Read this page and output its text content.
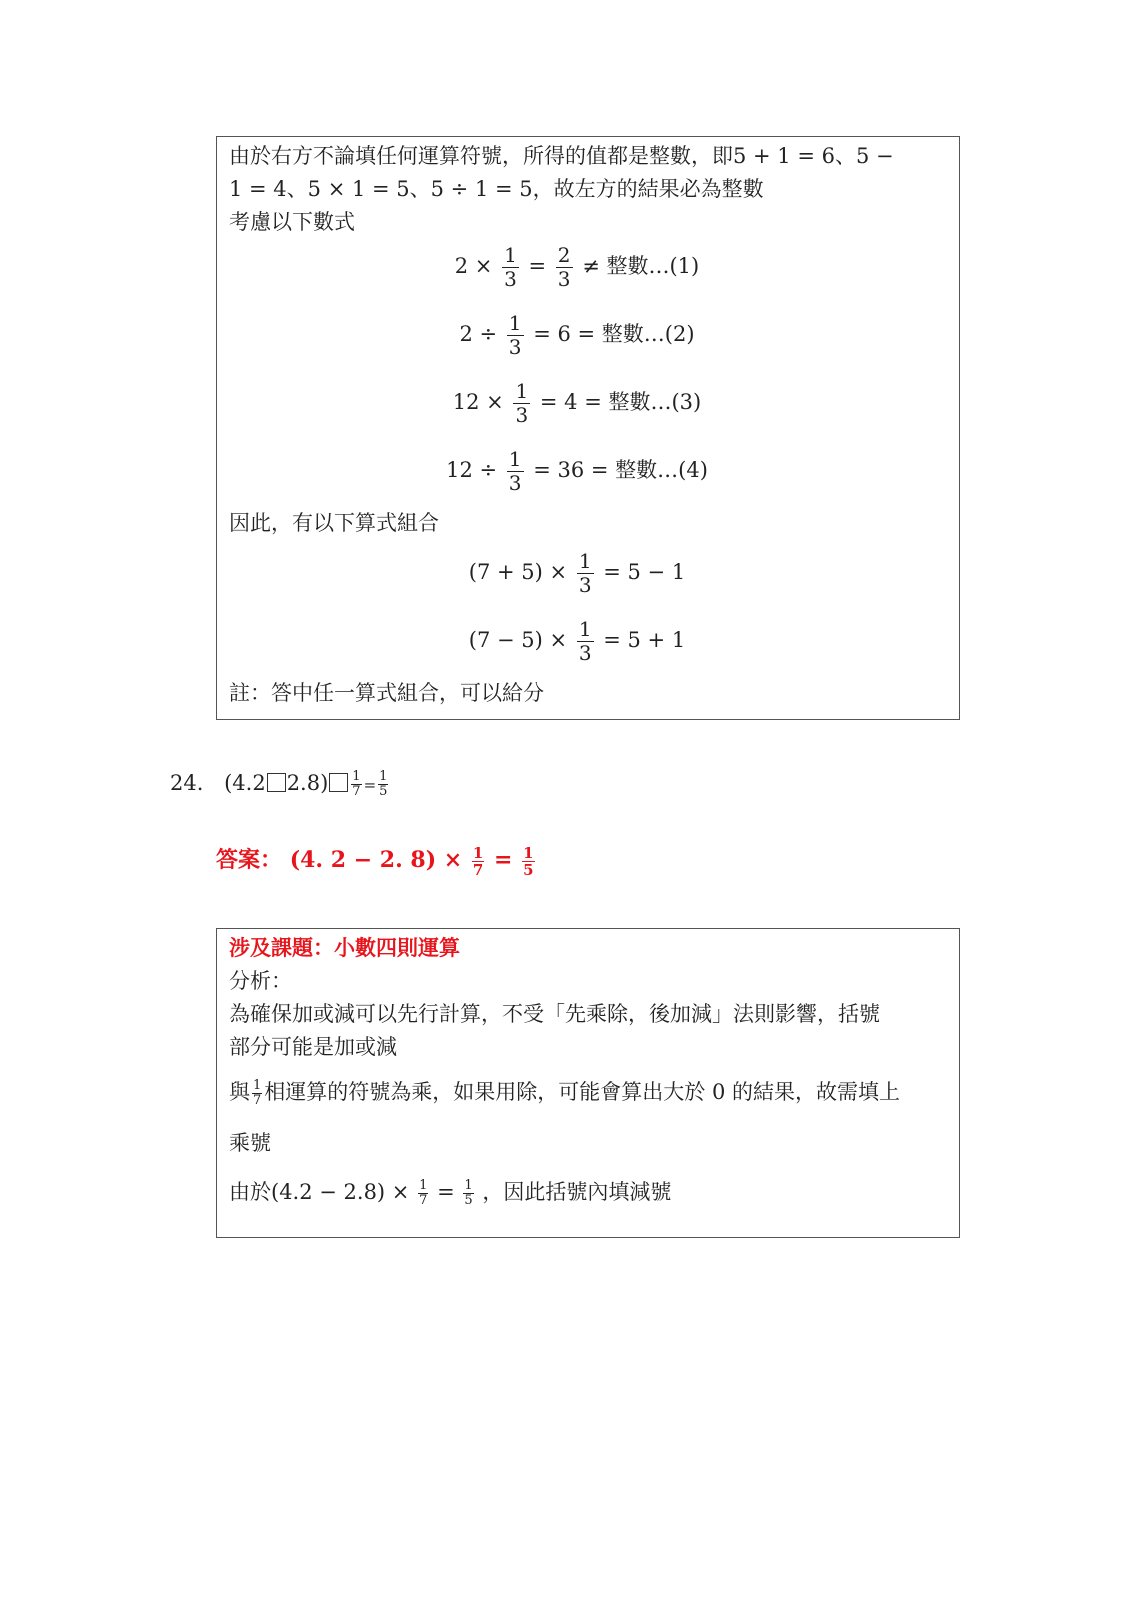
由於右方不論填任何運算符號，所得的值都是整數，即5 + 1 = 6、5 −
1 = 4、5 × 1 = 5、5 ÷ 1 = 5，故左方的結果必為整數
考慮以下數式
$2 \times \frac{1}{3} = \frac{2}{3}$ ≠ 整數…(1)
$2 \div \frac{1}{3} = 6$ = 整數…(2)
$12 \times \frac{1}{3} = 4$ = 整數…(3)
$12 \div \frac{1}{3} = 36$ = 整數…(4)
因此，有以下算式組合
$(7 + 5) \times \frac{1}{3} = 5 - 1$
$(7 - 5) \times \frac{1}{3} = 5 + 1$
註：答中任一算式組合，可以給分
24. (4.2 $2.8) \frac{1}{7} = \frac{1}{5}$
答案： (𝟒. 𝟐 − 𝟐. 𝟖) × $\frac{1}{7} = \frac{1}{5}$
涉及課題：小數四則運算
分析：
為確保加或減可以先行計算，不受「先乘除，後加減」法則影響，括號
部分可能是加或減
與 $\frac{1}{7}$ 相運算的符號為乘，如果用除，可能會算出大於 0 的結果，故需填上
乘號
由於$(4.2 - 2.8) \times \frac{1}{7} = \frac{1}{5}$ ，因此括號內填減號
